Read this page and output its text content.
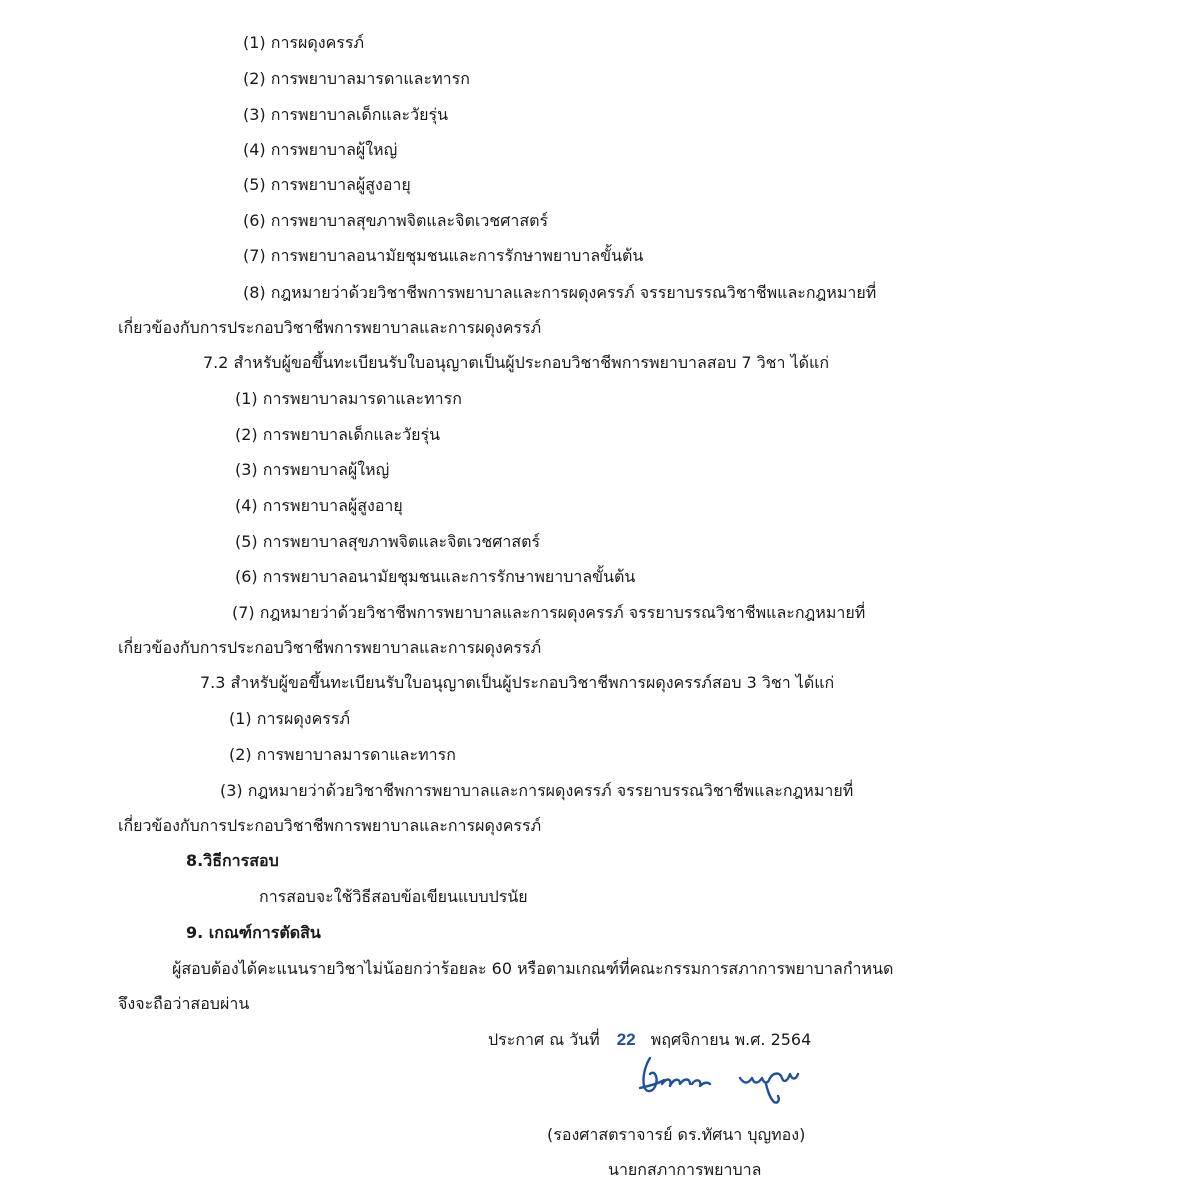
(1) การผดุงครรภ์
(2) การพยาบาลมารดาและทารก
(3) การพยาบาลเด็กและวัยรุ่น
(4) การพยาบาลผู้ใหญ่
(5) การพยาบาลผู้สูงอายุ
(6) การพยาบาลสุขภาพจิตและจิตเวชศาสตร์
(7) การพยาบาลอนามัยชุมชนและการรักษาพยาบาลขั้นต้น
(8) กฎหมายว่าด้วยวิชาชีพการพยาบาลและการผดุงครรภ์ จรรยาบรรณวิชาชีพและกฎหมายที่
เกี่ยวข้องกับการประกอบวิชาชีพการพยาบาลและการผดุงครรภ์
7.2 สำหรับผู้ขอขึ้นทะเบียนรับใบอนุญาตเป็นผู้ประกอบวิชาชีพการพยาบาลสอบ 7 วิชา ได้แก่
(1) การพยาบาลมารดาและทารก
(2) การพยาบาลเด็กและวัยรุ่น
(3) การพยาบาลผู้ใหญ่
(4) การพยาบาลผู้สูงอายุ
(5) การพยาบาลสุขภาพจิตและจิตเวชศาสตร์
(6) การพยาบาลอนามัยชุมชนและการรักษาพยาบาลขั้นต้น
(7) กฎหมายว่าด้วยวิชาชีพการพยาบาลและการผดุงครรภ์ จรรยาบรรณวิชาชีพและกฎหมายที่
เกี่ยวข้องกับการประกอบวิชาชีพการพยาบาลและการผดุงครรภ์
7.3 สำหรับผู้ขอขึ้นทะเบียนรับใบอนุญาตเป็นผู้ประกอบวิชาชีพการผดุงครรภ์สอบ 3 วิชา ได้แก่
(1) การผดุงครรภ์
(2) การพยาบาลมารดาและทารก
(3) กฎหมายว่าด้วยวิชาชีพการพยาบาลและการผดุงครรภ์ จรรยาบรรณวิชาชีพและกฎหมายที่
เกี่ยวข้องกับการประกอบวิชาชีพการพยาบาลและการผดุงครรภ์
8.วิธีการสอบ
การสอบจะใช้วิธีสอบข้อเขียนแบบปรนัย
9. เกณฑ์การตัดสิน
ผู้สอบต้องได้คะแนนรายวิชาไม่น้อยกว่าร้อยละ 60 หรือตามเกณฑ์ที่คณะกรรมการสภาการพยาบาลกำหนด
จึงจะถือว่าสอบผ่าน
ประกาศ ณ วันที่ 22 พฤศจิกายน พ.ศ. 2564
(รองศาสตราจารย์ ดร.ทัศนา บุญทอง)
นายกสภาการพยาบาล
